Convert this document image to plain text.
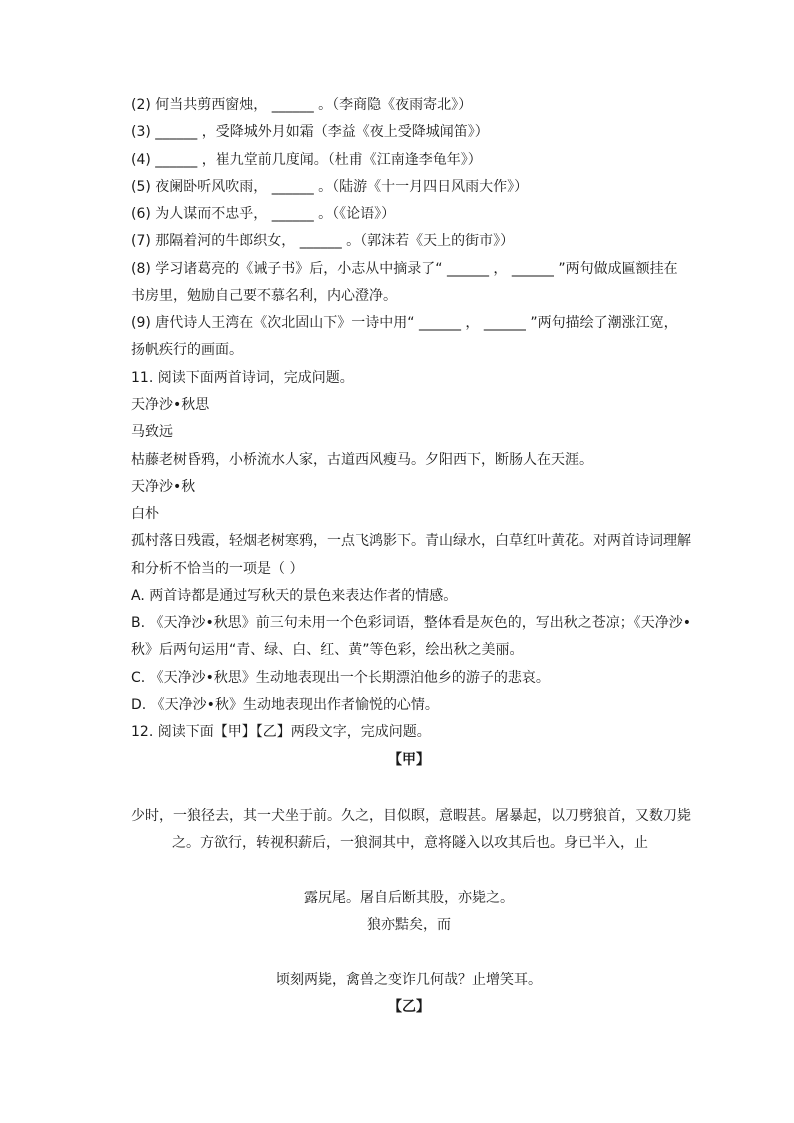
(2) 何当共剪西窗烛， ______ 。（李商隐《夜雨寄北》）
(3) ______ ，受降城外月如霜（李益《夜上受降城闻笛》）
(4) ______ ，崔九堂前几度闻。（杜甫《江南逢李龟年》）
(5) 夜阑卧听风吹雨， ______ 。（陆游《十一月四日风雨大作》）
(6) 为人谋而不忠乎， ______ 。（《论语》）
(7) 那隔着河的牛郎织女， ______ 。（郭沫若《天上的街市》）
(8) 学习诸葛亮的《诫子书》后，小志从中摘录了“ ______ ， ______ ”两句做成匾额挂在
书房里，勉励自己要不慕名利，内心澄净。
(9) 唐代诗人王湾在《次北固山下》一诗中用“ ______ ， ______ ”两句描绘了潮涨江宽，
扬帆疾行的画面。
11. 阅读下面两首诗词，完成问题。
天净沙•秋思
马致远
枯藤老树昏鸦，小桥流水人家，古道西风瘦马。夕阳西下，断肠人在天涯。
天净沙•秋
白朴
孤村落日残霞，轻烟老树寒鸦，一点飞鸿影下。青山绿水，白草红叶黄花。对两首诗词理解
和分析不恰当的一项是（ ）
A. 两首诗都是通过写秋天的景色来表达作者的情感。
B. 《天净沙•秋思》前三句未用一个色彩词语，整体看是灰色的，写出秋之苍凉；《天净沙•
秋》后两句运用“青、绿、白、红、黄”等色彩，绘出秋之美丽。
C. 《天净沙•秋思》生动地表现出一个长期漂泊他乡的游子的悲哀。
D. 《天净沙•秋》生动地表现出作者愉悦的心情。
12. 阅读下面【甲】【乙】两段文字，完成问题。
【甲】
少时，一狼径去，其一犬坐于前。久之，目似瞑，意暇甚。屠暴起，以刀劈狼首，又数刀毙
之。方欲行，转视积薪后，一狼洞其中，意将隧入以攻其后也。身已半入，止
露尻尾。屠自后断其股，亦毙之。
狼亦黠矣，而
顷刻两毙，禽兽之变诈几何哉？止增笑耳。
【乙】
